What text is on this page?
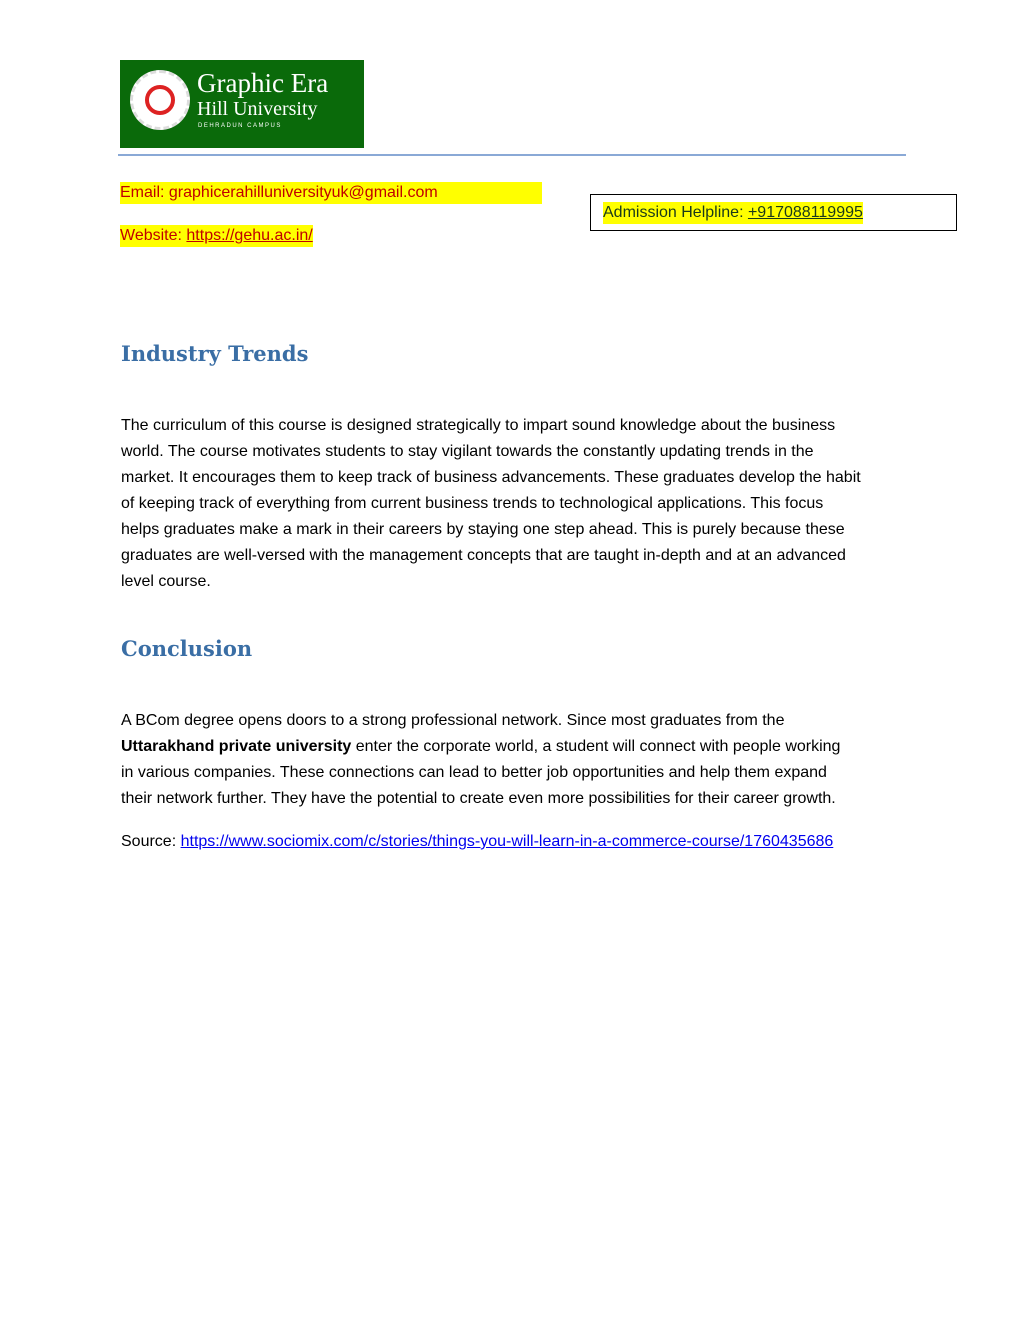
Graphic Era
Hill University
DEHRADUN CAMPUS
Email: graphicerahilluniversityuk@gmail.com
Website: https://gehu.ac.in/
Admission Helpline: +917088119995
Industry Trends
The curriculum of this course is designed strategically to impart sound knowledge about the business
world. The course motivates students to stay vigilant towards the constantly updating trends in the
market. It encourages them to keep track of business advancements. These graduates develop the habit
of keeping track of everything from current business trends to technological applications. This focus
helps graduates make a mark in their careers by staying one step ahead. This is purely because these
graduates are well-versed with the management concepts that are taught in-depth and at an advanced
level course.
Conclusion
A BCom degree opens doors to a strong professional network. Since most graduates from the
Uttarakhand private university enter the corporate world, a student will connect with people working
in various companies. These connections can lead to better job opportunities and help them expand
their network further. They have the potential to create even more possibilities for their career growth.
Source: https://www.sociomix.com/c/stories/things-you-will-learn-in-a-commerce-course/1760435686
